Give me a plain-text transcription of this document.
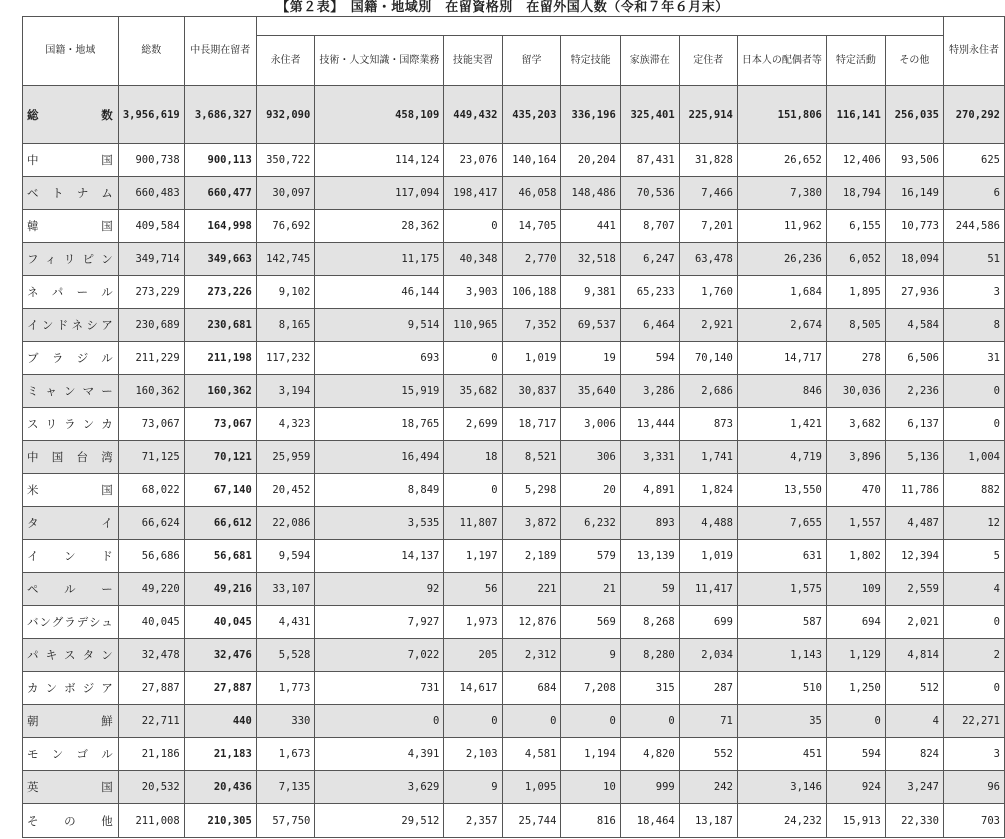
【第２表】　国籍・地域別　在留資格別　在留外国人数（令和７年６月末）
国籍・地域	総数	中長期在留者											特別永住者
			永住者	技術・人文知識・国際業務	技能実習	留学	特定技能	家族滞在	定住者	日本人の配偶者等	特定活動	その他	
総　　数	3,956,619	3,686,327	932,090	458,109	449,432	435,203	336,196	325,401	225,914	151,806	116,141	256,035	270,292
中国	900,738	900,113	350,722	114,124	23,076	140,164	20,204	87,431	31,828	26,652	12,406	93,506	625
ベトナム	660,483	660,477	30,097	117,094	198,417	46,058	148,486	70,536	7,466	7,380	18,794	16,149	6
韓国	409,584	164,998	76,692	28,362	0	14,705	441	8,707	7,201	11,962	6,155	10,773	244,586
フィリピン	349,714	349,663	142,745	11,175	40,348	2,770	32,518	6,247	63,478	26,236	6,052	18,094	51
ネパール	273,229	273,226	9,102	46,144	3,903	106,188	9,381	65,233	1,760	1,684	1,895	27,936	3
インドネシア	230,689	230,681	8,165	9,514	110,965	7,352	69,537	6,464	2,921	2,674	8,505	4,584	8
ブラジル	211,229	211,198	117,232	693	0	1,019	19	594	70,140	14,717	278	6,506	31
ミャンマー	160,362	160,362	3,194	15,919	35,682	30,837	35,640	3,286	2,686	846	30,036	2,236	0
スリランカ	73,067	73,067	4,323	18,765	2,699	18,717	3,006	13,444	873	1,421	3,682	6,137	0
中国台湾	71,125	70,121	25,959	16,494	18	8,521	306	3,331	1,741	4,719	3,896	5,136	1,004
米国	68,022	67,140	20,452	8,849	0	5,298	20	4,891	1,824	13,550	470	11,786	882
タイ	66,624	66,612	22,086	3,535	11,807	3,872	6,232	893	4,488	7,655	1,557	4,487	12
インド	56,686	56,681	9,594	14,137	1,197	2,189	579	13,139	1,019	631	1,802	12,394	5
ペルー	49,220	49,216	33,107	92	56	221	21	59	11,417	1,575	109	2,559	4
バングラデシュ	40,045	40,045	4,431	7,927	1,973	12,876	569	8,268	699	587	694	2,021	0
パキスタン	32,478	32,476	5,528	7,022	205	2,312	9	8,280	2,034	1,143	1,129	4,814	2
カンボジア	27,887	27,887	1,773	731	14,617	684	7,208	315	287	510	1,250	512	0
朝鮮	22,711	440	330	0	0	0	0	0	71	35	0	4	22,271
モンゴル	21,186	21,183	1,673	4,391	2,103	4,581	1,194	4,820	552	451	594	824	3
英国	20,532	20,436	7,135	3,629	9	1,095	10	999	242	3,146	924	3,247	96
その他	211,008	210,305	57,750	29,512	2,357	25,744	816	18,464	13,187	24,232	15,913	22,330	703
